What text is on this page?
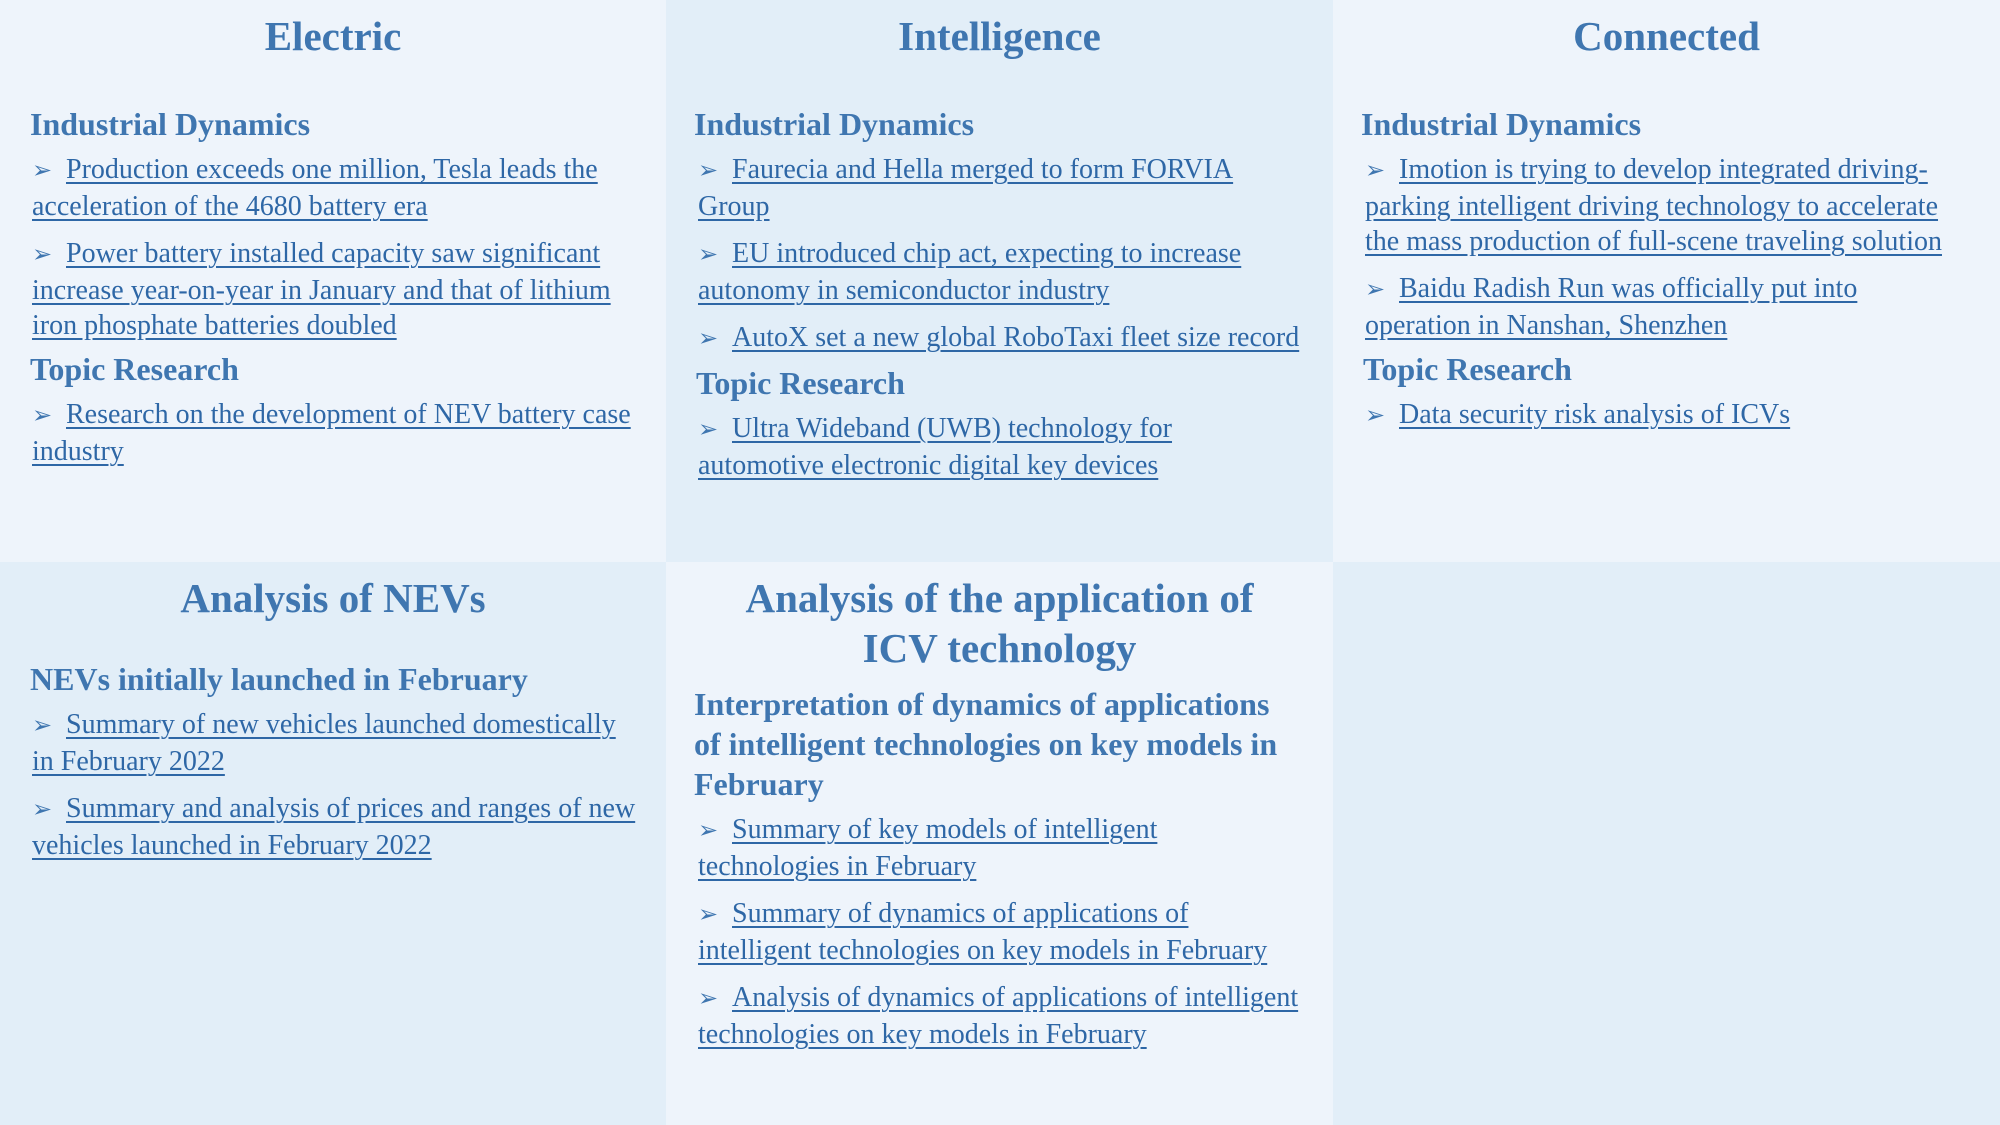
Electric
Industrial Dynamics
➢ Production exceeds one million, Tesla leads the acceleration of the 4680 battery era
➢ Power battery installed capacity saw significant increase year-on-year in January and that of lithium iron phosphate batteries doubled
Topic Research
➢ Research on the development of NEV battery case industry
Intelligence
Industrial Dynamics
➢ Faurecia and Hella merged to form FORVIA Group
➢ EU introduced chip act, expecting to increase autonomy in semiconductor industry
➢ AutoX set a new global RoboTaxi fleet size record
Topic Research
➢ Ultra Wideband (UWB) technology for automotive electronic digital key devices
Connected
Industrial Dynamics
➢ Imotion is trying to develop integrated driving-parking intelligent driving technology to accelerate the mass production of full-scene traveling solution
➢ Baidu Radish Run was officially put into operation in Nanshan, Shenzhen
Topic Research
➢ Data security risk analysis of ICVs
Analysis of NEVs
NEVs initially launched in February
➢ Summary of new vehicles launched domestically in February 2022
➢ Summary and analysis of prices and ranges of new vehicles launched in February 2022
Analysis of the application of
ICV technology
Interpretation of dynamics of applications of intelligent technologies on key models in February
➢ Summary of key models of intelligent technologies in February
➢ Summary of dynamics of applications of intelligent technologies on key models in February
➢ Analysis of dynamics of applications of intelligent technologies on key models in February
